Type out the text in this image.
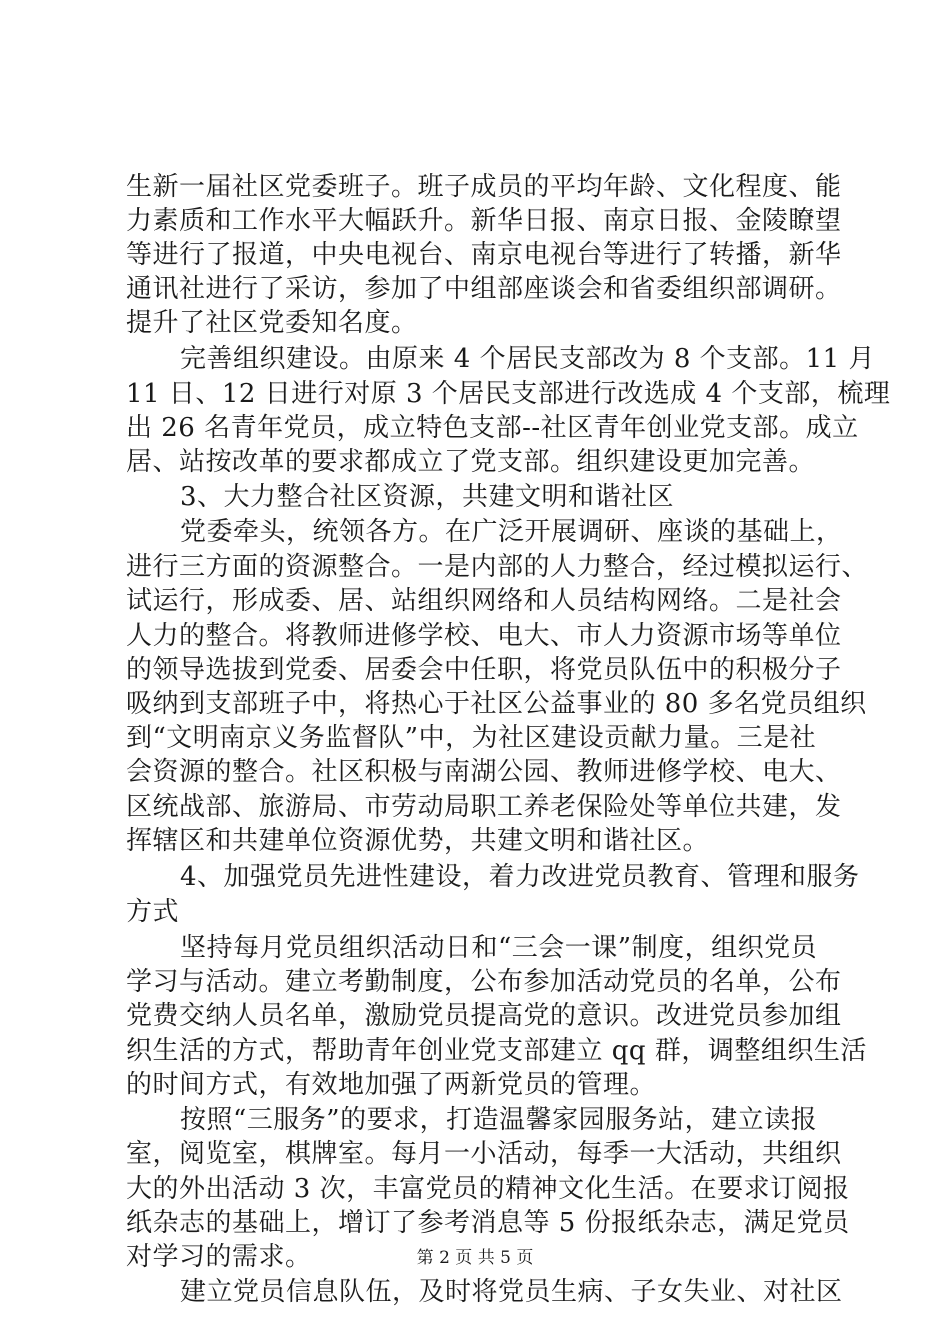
生新一届社区党委班子。班子成员的平均年龄、文化程度、能
力素质和工作水平大幅跃升。新华日报、南京日报、金陵瞭望
等进行了报道，中央电视台、南京电视台等进行了转播，新华
通讯社进行了采访，参加了中组部座谈会和省委组织部调研。
提升了社区党委知名度。
完善组织建设。由原来 4 个居民支部改为 8 个支部。11 月
11 日、12 日进行对原 3 个居民支部进行改选成 4 个支部，梳理
出 26 名青年党员，成立特色支部--社区青年创业党支部。成立
居、站按改革的要求都成立了党支部。组织建设更加完善。
3、大力整合社区资源，共建文明和谐社区
党委牵头，统领各方。在广泛开展调研、座谈的基础上，
进行三方面的资源整合。一是内部的人力整合，经过模拟运行、
试运行，形成委、居、站组织网络和人员结构网络。二是社会
人力的整合。将教师进修学校、电大、市人力资源市场等单位
的领导选拔到党委、居委会中任职，将党员队伍中的积极分子
吸纳到支部班子中，将热心于社区公益事业的 80 多名党员组织
到“文明南京义务监督队”中，为社区建设贡献力量。三是社
会资源的整合。社区积极与南湖公园、教师进修学校、电大、
区统战部、旅游局、市劳动局职工养老保险处等单位共建，发
挥辖区和共建单位资源优势，共建文明和谐社区。
4、加强党员先进性建设，着力改进党员教育、管理和服务
方式
坚持每月党员组织活动日和“三会一课”制度，组织党员
学习与活动。建立考勤制度，公布参加活动党员的名单，公布
党费交纳人员名单，激励党员提高党的意识。改进党员参加组
织生活的方式，帮助青年创业党支部建立 qq 群，调整组织生活
的时间方式，有效地加强了两新党员的管理。
按照“三服务”的要求，打造温馨家园服务站，建立读报
室，阅览室，棋牌室。每月一小活动，每季一大活动，共组织
大的外出活动 3 次，丰富党员的精神文化生活。在要求订阅报
纸杂志的基础上，增订了参考消息等 5 份报纸杂志，满足党员
对学习的需求。
建立党员信息队伍，及时将党员生病、子女失业、对社区
第 2 页 共 5 页
